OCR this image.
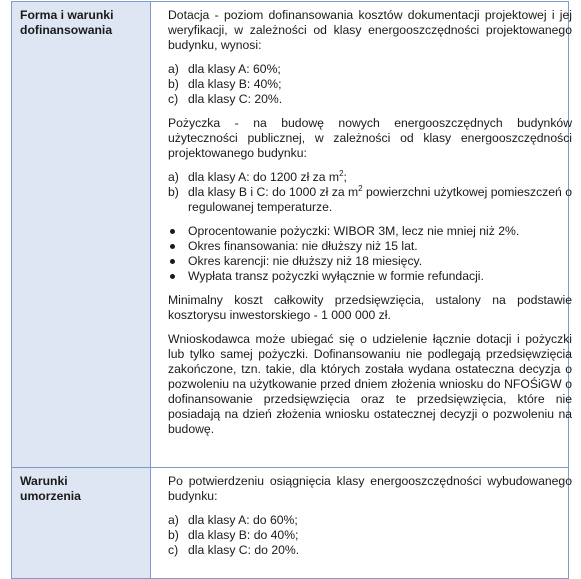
Forma i warunki
dofinansowania

Dotacja - poziom dofinansowania kosztów dokumentacji projektowej i jej weryfikacji, w zależności od klasy energooszczędności projektowanego budynku, wynosi:

a) dla klasy A: 60%;
b) dla klasy B: 40%;
c) dla klasy C: 20%.

Pożyczka - na budowę nowych energooszczędnych budynków użyteczności publicznej, w zależności od klasy energooszczędności projektowanego budynku:

a) dla klasy A: do 1200 zł za $m^2$;
b) dla klasy B i C: do 1000 zł za $m^2$ powierzchni użytkowej pomieszczeń o regulowanej temperaturze.
Oprocentowanie pożyczki: WIBOR 3M, lecz nie mniej niż 2%.
Okres finansowania: nie dłuższy niż 15 lat.
Okres karencji: nie dłuższy niż 18 miesięcy.
Wypłata transz pożyczki wyłącznie w formie refundacji.

Minimalny koszt całkowity przedsięwzięcia, ustalony na podstawie kosztorysu inwestorskiego - 1 000 000 zł.

Wnioskodawca może ubiegać się o udzielenie łącznie dotacji i pożyczki lub tylko samej pożyczki. Dofinansowaniu nie podlegają przedsięwzięcia zakończone, tzn. takie, dla których została wydana ostateczna decyzja o pozwoleniu na użytkowanie przed dniem złożenia wniosku do NFOŚiGW o dofinansowanie przedsięwzięcia oraz te przedsięwzięcia, które nie posiadają na dzień złożenia wniosku ostatecznej decyzji o pozwoleniu na budowę.

Warunki
umorzenia

Po potwierdzeniu osiągnięcia klasy energooszczędności wybudowanego budynku:

a) dla klasy A: do 60%;
b) dla klasy B: do 40%;
c) dla klasy C: do 20%.
